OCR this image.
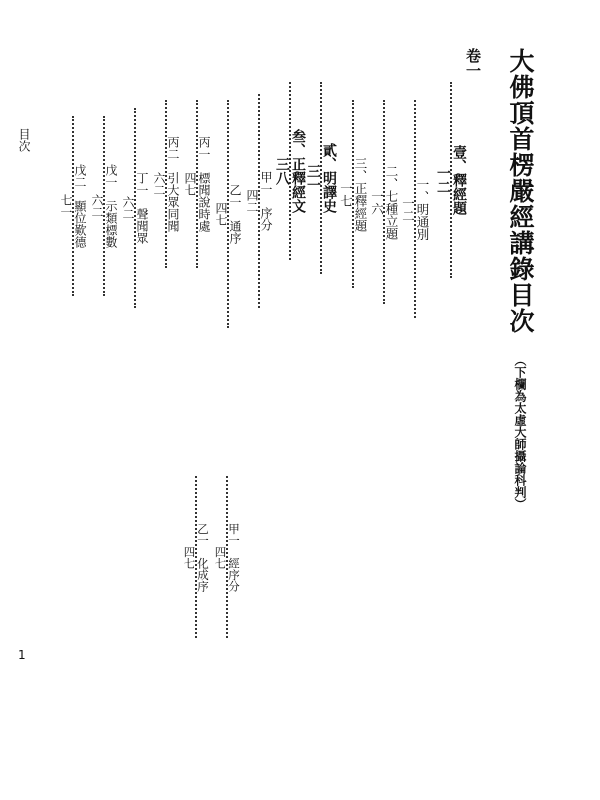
大佛頂首楞嚴經講錄目次
（下欄為太虛大師攝論科判）
卷一
壹、釋經題
一二
一、明通別
一二
二、七種立題
一六
三、正釋經題
一七
貳、明譯史
三一
叁、正釋經文
三八
甲一　序分
四二
乙一　通序
四七
丙一　標聞說時處
四七
丙二　引大眾同聞
六二
丁一　聲聞眾
六二
戊一　示類標數
六二
戊二　顯位歎德
七一
甲一　經序分
四七
乙一　化成序
四七
目次
1
